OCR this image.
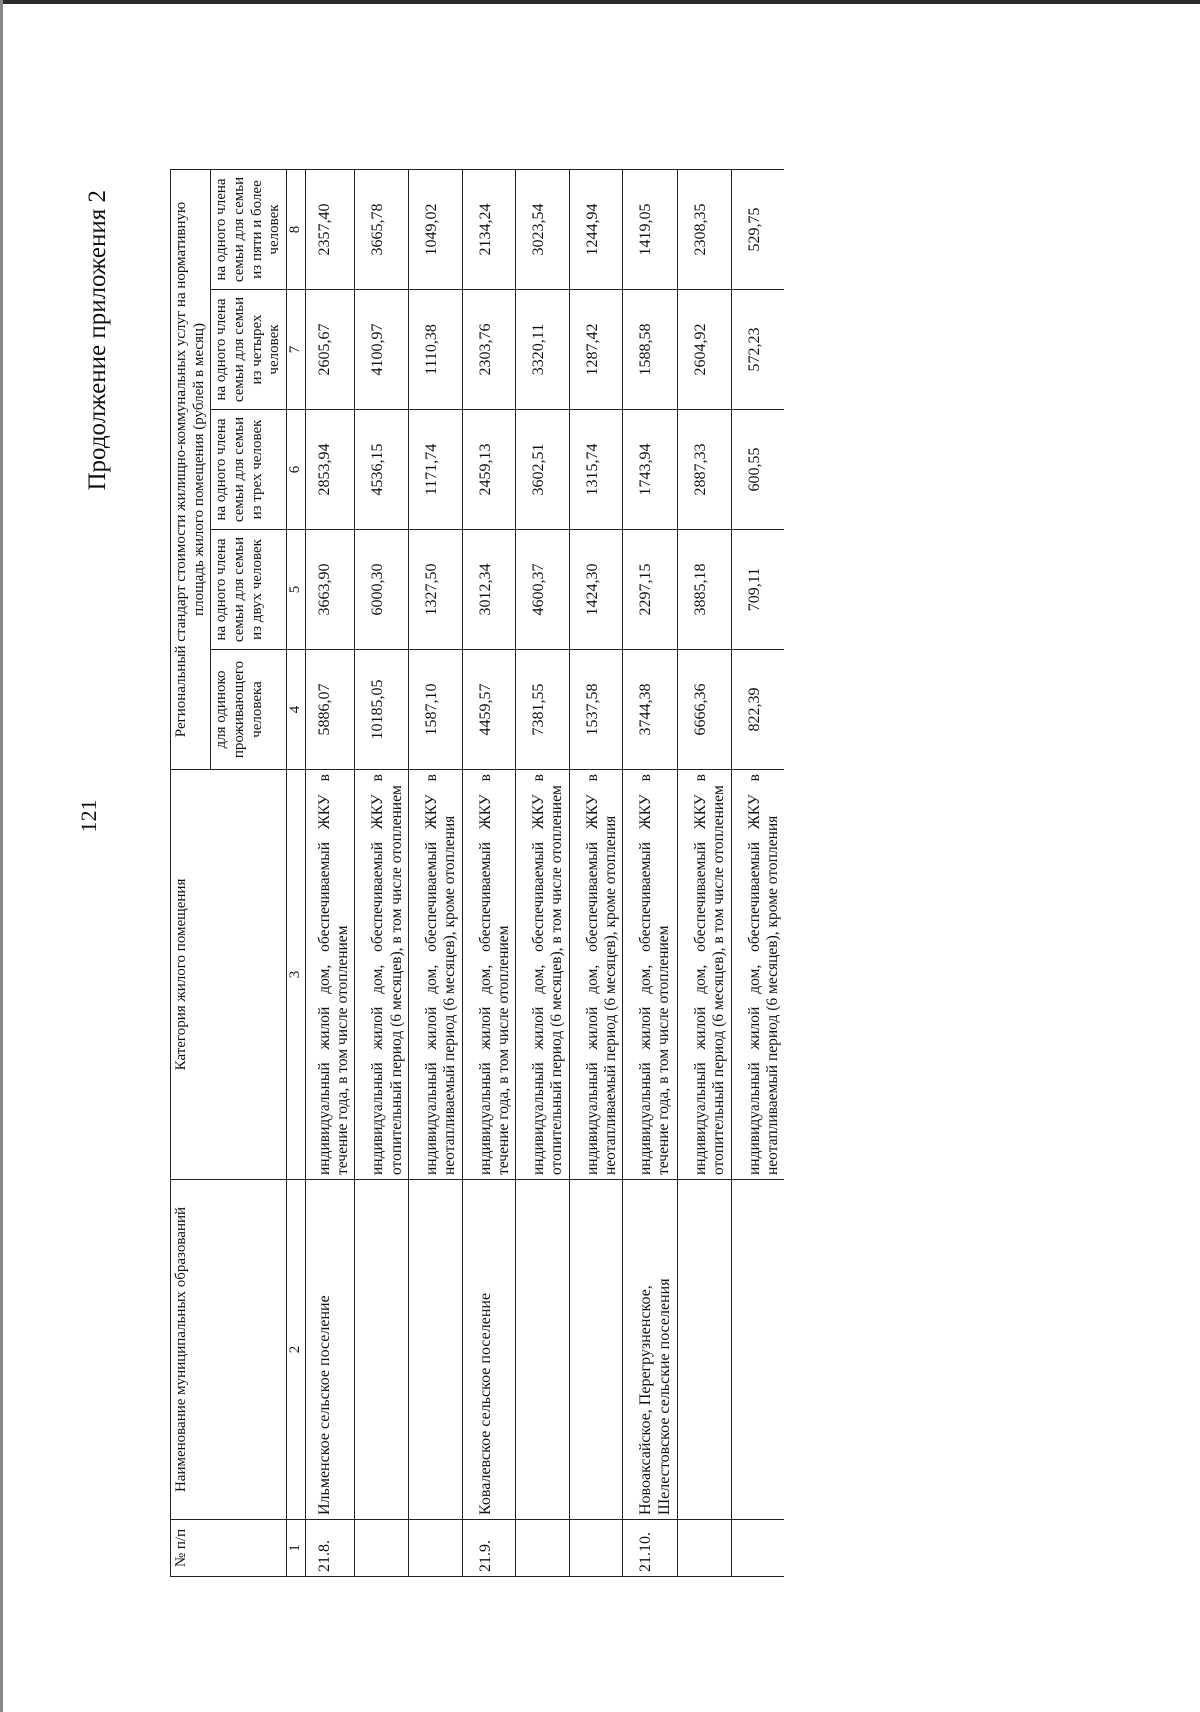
121
Продолжение приложения 2
№ п/п	Наименование муниципальных образований	Категория жилого помещения	Региональный стандарт стоимости жилищно-коммунальных услуг на нормативную площадь жилого помещения (рублей в месяц)				
			для одиноко проживающего человека	на одного члена семьи для семьи из двух человек	на одного члена семьи для семьи из трех человек	на одного члена семьи для семьи из четырех человек	на одного члена семьи для семьи из пяти и более человек
1	2	3	4	5	6	7	8
21.8.	Ильменское сельское поселение	индивидуальный жилой дом, обеспечиваемый ЖКУ в течение года, в том числе отоплением	5886,07	3663,90	2853,94	2605,67	2357,40
		индивидуальный жилой дом, обеспечиваемый ЖКУ в отопительный период (6 месяцев), в том числе отоплением	10185,05	6000,30	4536,15	4100,97	3665,78
		индивидуальный жилой дом, обеспечиваемый ЖКУ в неотапливаемый период (6 месяцев), кроме отопления	1587,10	1327,50	1171,74	1110,38	1049,02
21.9.	Ковалевское сельское поселение	индивидуальный жилой дом, обеспечиваемый ЖКУ в течение года, в том числе отоплением	4459,57	3012,34	2459,13	2303,76	2134,24
		индивидуальный жилой дом, обеспечиваемый ЖКУ в отопительный период (6 месяцев), в том числе отоплением	7381,55	4600,37	3602,51	3320,11	3023,54
		индивидуальный жилой дом, обеспечиваемый ЖКУ в неотапливаемый период (6 месяцев), кроме отопления	1537,58	1424,30	1315,74	1287,42	1244,94
21.10.	Новоаксайское, Перегрузненское, Шелестовское сельские поселения	индивидуальный жилой дом, обеспечиваемый ЖКУ в течение года, в том числе отоплением	3744,38	2297,15	1743,94	1588,58	1419,05
		индивидуальный жилой дом, обеспечиваемый ЖКУ в отопительный период (6 месяцев), в том числе отоплением	6666,36	3885,18	2887,33	2604,92	2308,35
		индивидуальный жилой дом, обеспечиваемый ЖКУ в неотапливаемый период (6 месяцев), кроме отопления	822,39	709,11	600,55	572,23	529,75
